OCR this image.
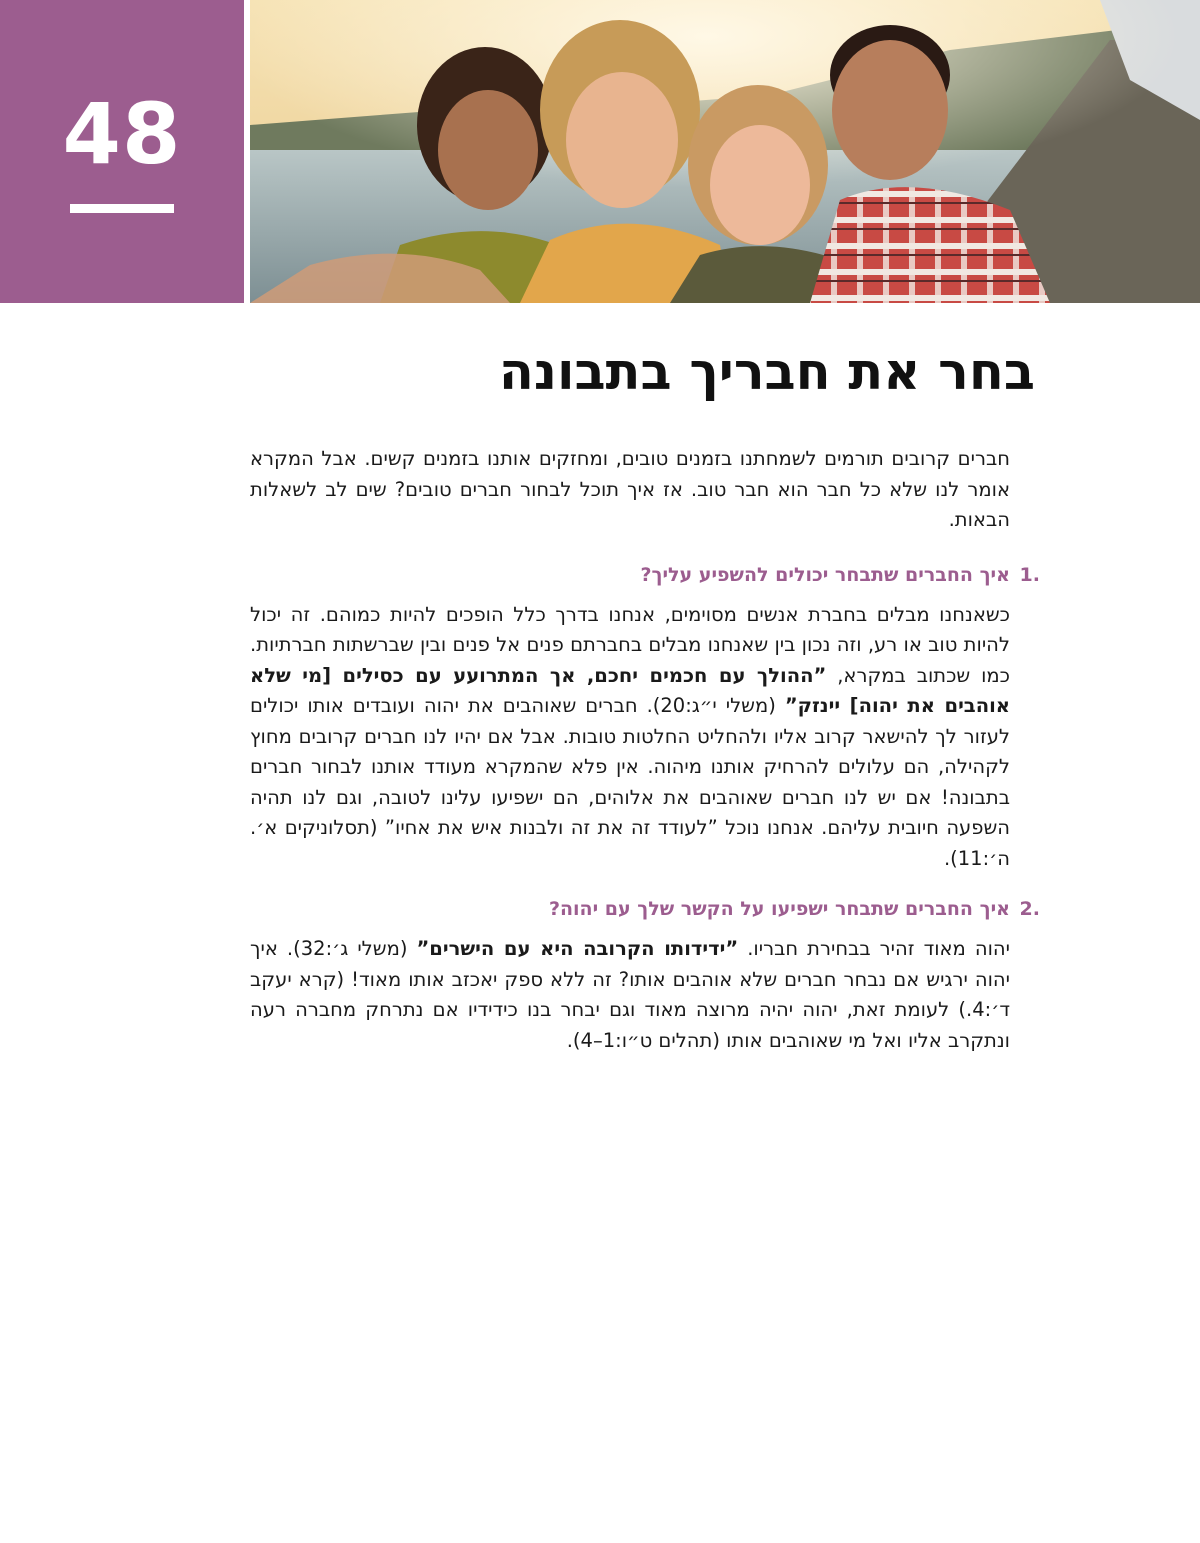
48
בחר את חבריך בתבונה

חברים קרובים תורמים לשמחתנו בזמנים טובים, ומחזקים אותנו בזמנים קשים. אבל המקרא אומר לנו שלא כל חבר הוא חבר טוב. אז איך תוכל לבחור חברים טובים? שים לב לשאלות הבאות.

1.
איך החברים שתבחר יכולים להשפיע עליך?

כשאנחנו מבלים בחברת אנשים מסוימים, אנחנו בדרך כלל הופכים להיות כמוהם. זה יכול להיות טוב או רע, וזה נכון בין שאנחנו מבלים בחברתם פנים אל פנים ובין שברשתות חברתיות. כמו שכתוב במקרא, ”ההולך עם חכמים יחכם, אך המתרועע עם כסילים [מי שלא אוהבים את יהוה] יינזק” (משלי י״ג:20). חברים שאוהבים את יהוה ועובדים אותו יכולים לעזור לך להישאר קרוב אליו ולהחליט החלטות טובות. אבל אם יהיו לנו חברים קרובים מחוץ לקהילה, הם עלולים להרחיק אותנו מיהוה. אין פלא שהמקרא מעודד אותנו לבחור חברים בתבונה! אם יש לנו חברים שאוהבים את אלוהים, הם ישפיעו עלינו לטובה, וגם לנו תהיה השפעה חיובית עליהם. אנחנו נוכל ”לעודד זה את זה ולבנות איש את אחיו” (תסלוניקים א׳. ה׳:11).

2.
איך החברים שתבחר ישפיעו על הקשר שלך עם יהוה?

יהוה מאוד זהיר בבחירת חבריו. ”ידידותו הקרובה היא עם הישרים” (משלי ג׳:32). איך יהוה ירגיש אם נבחר חברים שלא אוהבים אותו? זה ללא ספק יאכזב אותו מאוד! (קרא יעקב ד׳:4.) לעומת זאת, יהוה יהיה מרוצה מאוד וגם יבחר בנו כידידיו אם נתרחק מחברה רעה ונתקרב אליו ואל מי שאוהבים אותו (תהלים ט״ו:1–4).
